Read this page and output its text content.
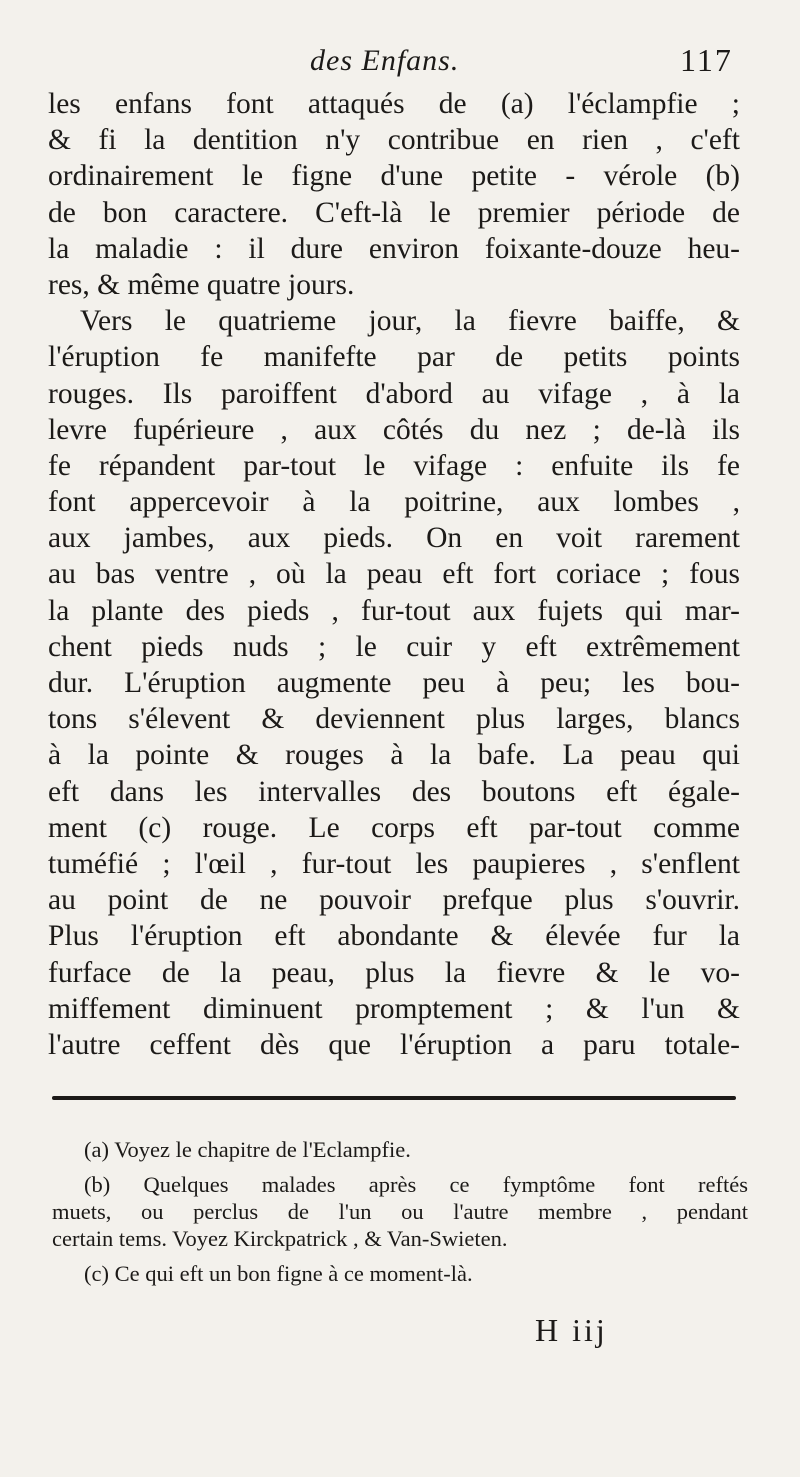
des Enfans.	117
les enfans font attaqués de (a) l'éclampfie ;
& fi la dentition n'y contribue en rien , c'eft
ordinairement le figne d'une petite - vérole (b)
de bon caractere. C'eft-là le premier période de
la maladie : il dure environ foixante-douze heu-
res, & même quatre jours.
Vers le quatrieme jour, la fievre baiffe, &
l'éruption fe manifefte par de petits points
rouges. Ils paroiffent d'abord au vifage , à la
levre fupérieure , aux côtés du nez ; de-là ils
fe répandent par-tout le vifage : enfuite ils fe
font appercevoir à la poitrine, aux lombes ,
aux jambes, aux pieds. On en voit rarement
au bas ventre , où la peau eft fort coriace ; fous
la plante des pieds , fur-tout aux fujets qui mar-
chent pieds nuds ; le cuir y eft extrêmement
dur. L'éruption augmente peu à peu; les bou-
tons s'élevent & deviennent plus larges, blancs
à la pointe & rouges à la bafe. La peau qui
eft dans les intervalles des boutons eft égale-
ment (c) rouge. Le corps eft par-tout comme
tuméfié ; l'œil , fur-tout les paupieres , s'enflent
au point de ne pouvoir prefque plus s'ouvrir.
Plus l'éruption eft abondante & élevée fur la
furface de la peau, plus la fievre & le vo-
miffement diminuent promptement ; & l'un &
l'autre ceffent dès que l'éruption a paru totale-
(a) Voyez le chapitre de l'Eclampfie.
(b) Quelques malades après ce fymptôme font reftés
muets, ou perclus de l'un ou l'autre membre , pendant
certain tems. Voyez Kirckpatrick , & Van-Swieten.
(c) Ce qui eft un bon figne à ce moment-là.
H iij
